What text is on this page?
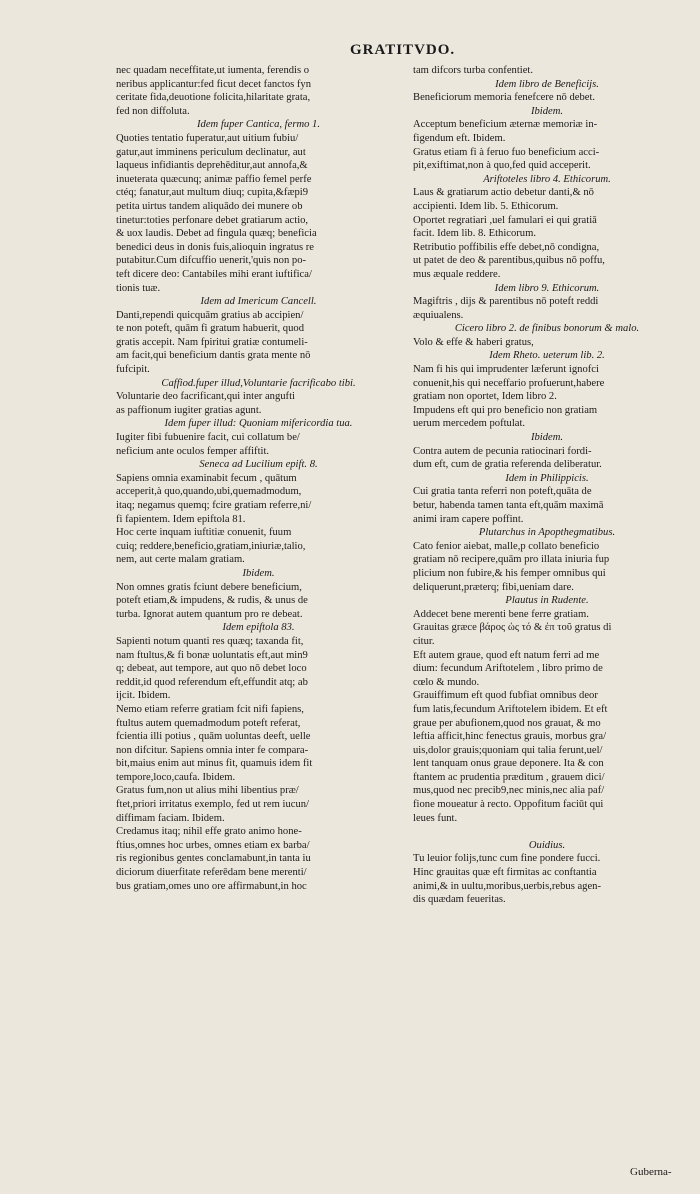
GRATITVDO.
nec quadam neceffitate,ut iumenta, ferendis o
neribus applicantur:fed ficut decet fanctos fyn
ceritate fida,deuotione folicita,hilaritate grata,
fed non diffoluta.
Idem fuper Cantica, fermo 1.
Quoties tentatio fuperatur,aut uitium fubiu/
gatur,aut imminens periculum declinatur, aut
laqueus infidiantis deprehēditur,aut annofa,&
inueterata quæcunq; animæ paffio femel perfe
ctéq; fanatur,aut multum diuq; cupita,&fæpi9
petita uirtus tandem aliquādo dei munere ob
tinetur:toties perfonare debet gratiarum actio,
& uox laudis. Debet ad fingula quæq; beneficia
benedici deus in donis fuis,alioquin ingratus re
putabitur.Cum difcuffio uenerit,'quis non po-
teft dicere deo: Cantabiles mihi erant iuftifica/
tionis tuæ.
Idem ad Imericum Cancell.
Danti,rependi quicquām gratius ab accipien/
te non poteft, quām fi gratum habuerit, quod
gratis accepit. Nam fpiritui gratiæ contumeli-
am facit,qui beneficium dantis grata mente nō
fufcipit.
Caffiod.fuper illud,Voluntarie facrificabo tibi.
Voluntarie deo facrificant,qui inter angufti
as paffionum iugiter gratias agunt.
Idem fuper illud: Quoniam mifericordia tua.
Iugiter fibi fubuenire facit, cui collatum be/
neficium ante oculos femper affiftit.
Seneca ad Lucilium epift. 8.
Sapiens omnia examinabit fecum , quātum
acceperit,à quo,quando,ubi,quemadmodum,
itaq; negamus quemq; fcire gratiam referre,ni/
fi fapientem. Idem epiftola 81.
Hoc certe inquam iuftitiæ conuenit, fuum
cuiq; reddere,beneficio,gratiam,iniuriæ,talio,
nem, aut certe malam gratiam.
Ibidem.
Non omnes gratis fciunt debere beneficium,
poteft etiam,& impudens, & rudis, & unus de
turba. Ignorat autem quantum pro re debeat.
Idem epiftola 83.
Sapienti notum quanti res quæq; taxanda fit,
nam ftultus,& fi bonæ uoluntatis eft,aut min9
q; debeat, aut tempore, aut quo nō debet loco
reddit,id quod referendum eft,effundit atq; ab
ijcit. Ibidem.
Nemo etiam referre gratiam fcit nifi fapiens,
ftultus autem quemadmodum poteft referat,
fcientia illi potius , quām uoluntas deeft, uelle
non difcitur. Sapiens omnia inter fe compara-
bit,maius enim aut minus fit, quamuis idem fit
tempore,loco,caufa. Ibidem.
Gratus fum,non ut alius mihi libentius præ/
ftet,priori irritatus exemplo, fed ut rem iucun/
diffimam faciam. Ibidem.
Credamus itaq; nihil effe grato animo hone-
ftius,omnes hoc urbes, omnes etiam ex barba/
ris regionibus gentes conclamabunt,in tanta iu
diciorum diuerfitate referēdam bene merenti/
bus gratiam,omes uno ore affirmabunt,in hoc
tam difcors turba confentiet.
Idem libro de Beneficijs.
Beneficiorum memoria fenefcere nō debet.
Ibidem.
Acceptum beneficium æternæ memoriæ in-
figendum eft. Ibidem.
Gratus etiam fi à feruo fuo beneficium acci-
pit,exiftimat,non à quo,fed quid acceperit.
Ariftoteles libro 4. Ethicorum.
Laus & gratiarum actio debetur danti,& nō
accipienti. Idem lib. 5. Ethicorum.
Oportet regratiari ,uel famulari ei qui gratiā
facit. Idem lib. 8. Ethicorum.
Retributio poffibilis effe debet,nō condigna,
ut patet de deo & parentibus,quibus nō poffu,
mus æquale reddere.
Idem libro 9. Ethicorum.
Magiftris , dijs & parentibus nō poteft reddi
æquiualens.
Cicero libro 2. de finibus bonorum & malo.
Volo & effe & haberi gratus,
Idem Rheto. ueterum lib. 2.
Nam fi his qui imprudenter læferunt ignofci
conuenit,his qui neceffario profuerunt,habere
gratiam non oportet, Idem libro 2.
Impudens eft qui pro beneficio non gratiam
uerum mercedem poftulat.
Ibidem.
Contra autem de pecunia ratiocinari fordi-
dum eft, cum de gratia referenda deliberatur.
Idem in Philippicis.
Cui gratia tanta referri non poteft,quāta de
betur, habenda tamen tanta eft,quām maximā
animi iram capere poffint.
Plutarchus in Apopthegmatibus.
Cato fenior aiebat, malle,p collato beneficio
gratiam nō recipere,quām pro illata iniuria fup
plicium non fubire,& his femper omnibus qui
deliquerunt,præterq; fibi,ueniam dare.
Plautus in Rudente.
Addecet bene merenti bene ferre gratiam.
Grauitas græce βάρος ὡς τό & ἐπ τοῦ gratus di
citur.
Eft autem graue, quod eft natum ferri ad me
dium: fecundum Ariftotelem , libro primo de
cœlo & mundo.
Grauiffimum eft quod fubfiat omnibus deor
fum latis,fecundum Ariftotelem ibidem. Et eft
graue per abufionem,quod nos grauat, & mo
leftia afficit,hinc fenectus grauis, morbus gra/
uis,dolor grauis;quoniam qui talia ferunt,uel/
lent tanquam onus graue deponere. Ita & con
ftantem ac prudentia præditum , grauem dici/
mus,quod nec precib9,nec minis,nec alia paf/
fione moueatur à recto. Oppofitum faciūt qui
leues funt.

Ouidius.
Tu leuior folijs,tunc cum fine pondere fucci.
Hinc grauitas quæ eft firmitas ac conftantia
animi,& in uultu,moribus,uerbis,rebus agen-
dis quædam feueritas.
Guberna-
